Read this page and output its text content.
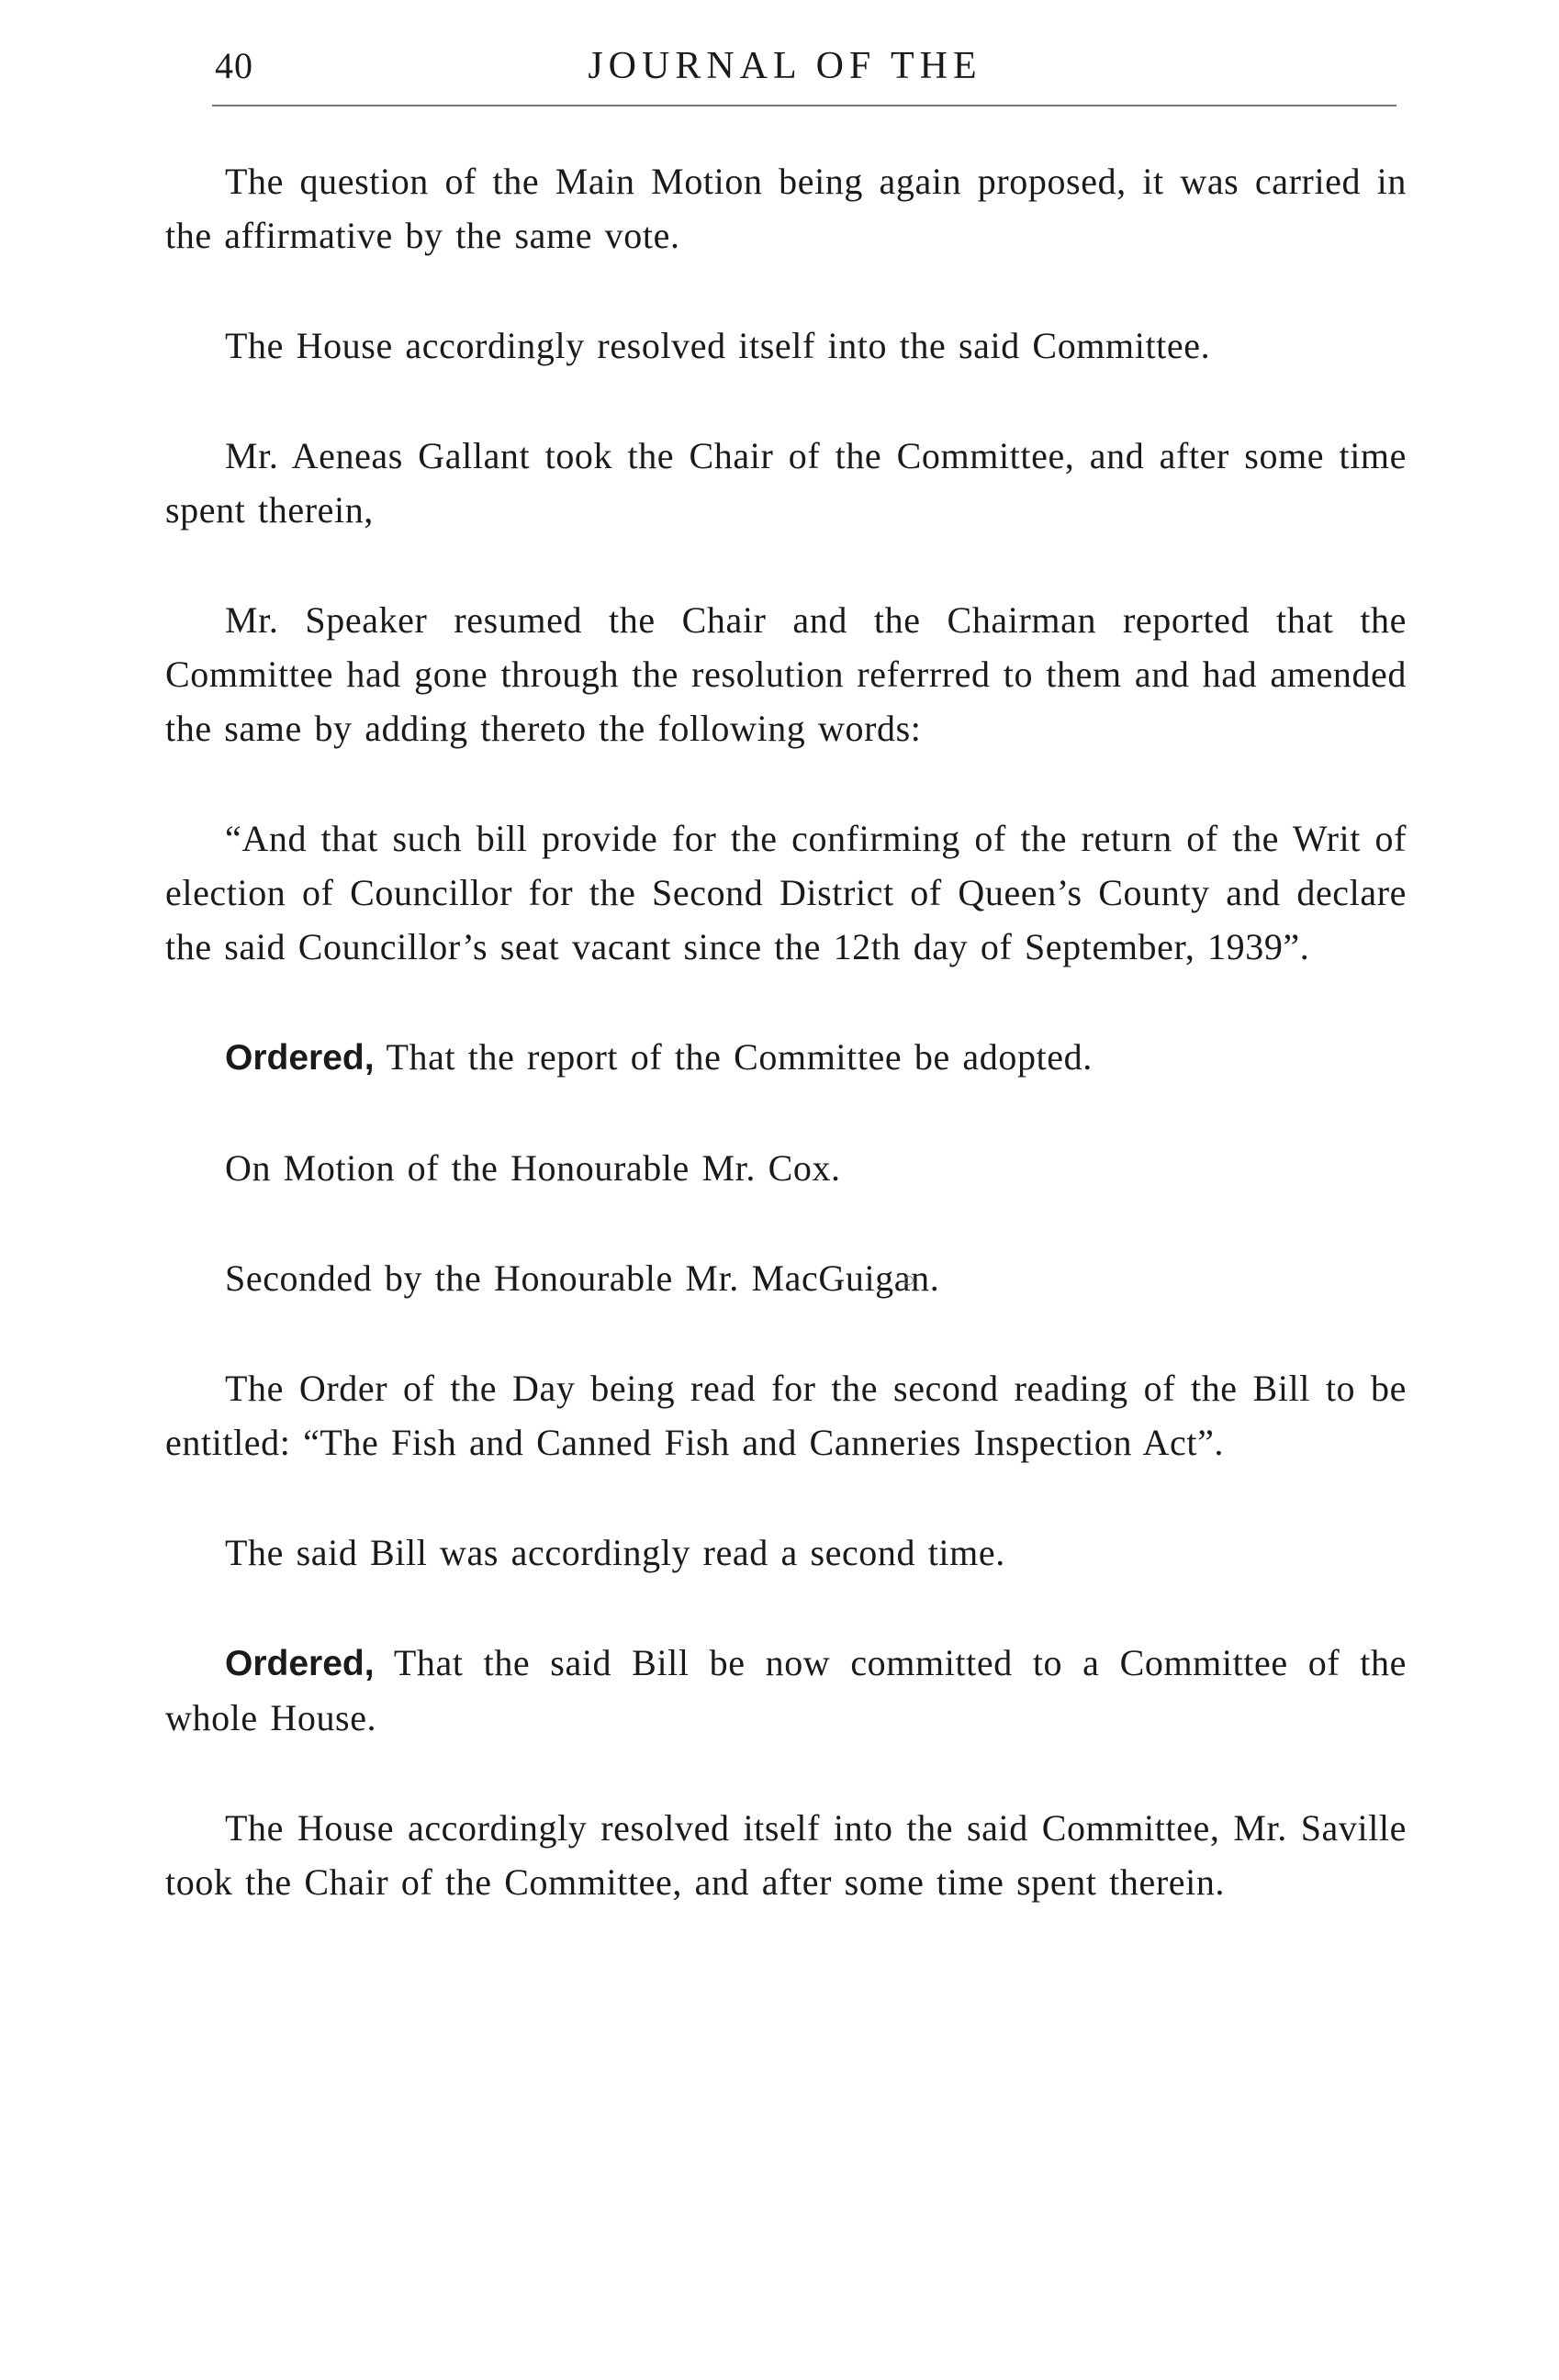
40	JOURNAL OF THE

The question of the Main Motion being again proposed, it was carried in the affirmative by the same vote.

The House accordingly resolved itself into the said Committee.

Mr. Aeneas Gallant took the Chair of the Committee, and after some time spent therein,

Mr. Speaker resumed the Chair and the Chairman reported that the Committee had gone through the resolution referrred to them and had amended the same by adding thereto the following words:

“And that such bill provide for the confirming of the return of the Writ of election of Councillor for the Second District of Queen’s County and declare the said Councillor’s seat vacant since the 12th day of September, 1939”.

Ordered, That the report of the Committee be adopted.

On Motion of the Honourable Mr. Cox.

Seconded by the Honourable Mr. MacGuigan.

The Order of the Day being read for the second reading of the Bill to be entitled: “The Fish and Canned Fish and Canneries Inspection Act”.

The said Bill was accordingly read a second time.

Ordered, That the said Bill be now committed to a Committee of the whole House.

The House accordingly resolved itself into the said Committee, Mr. Saville took the Chair of the Committee, and after some time spent therein.
